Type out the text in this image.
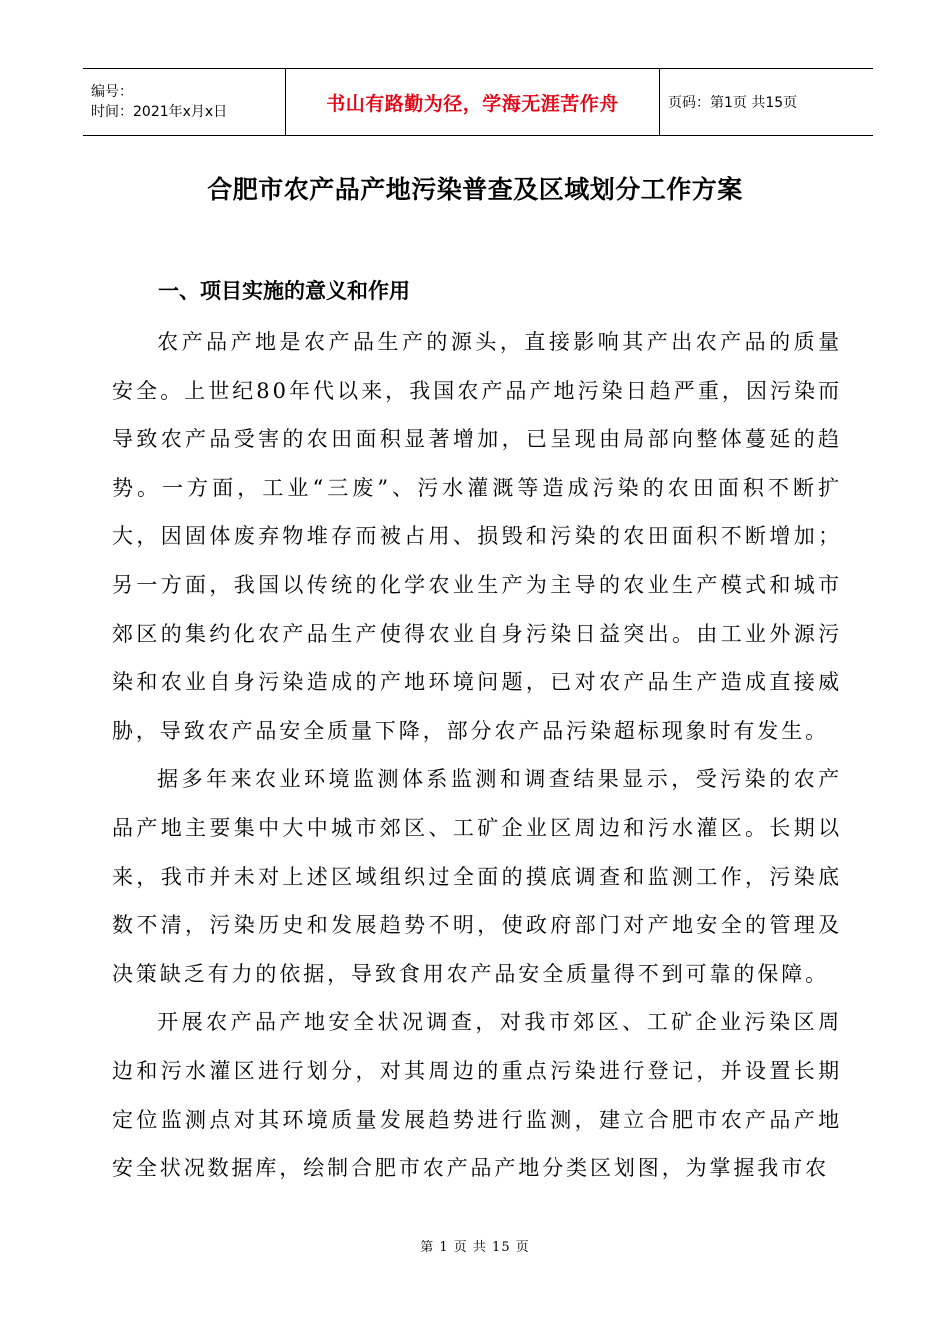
编号：
时间：2021年x月x日	书山有路勤为径，学海无涯苦作舟	页码：第1页 共15页
合肥市农产品产地污染普查及区域划分工作方案
一、项目实施的意义和作用

农产品产地是农产品生产的源头，直接影响其产出农产品的质量安全。上世纪80年代以来，我国农产品产地污染日趋严重，因污染而导致农产品受害的农田面积显著增加，已呈现由局部向整体蔓延的趋势。一方面，工业“三废”、污水灌溉等造成污染的农田面积不断扩大，因固体废弃物堆存而被占用、损毁和污染的农田面积不断增加；另一方面，我国以传统的化学农业生产为主导的农业生产模式和城市郊区的集约化农产品生产使得农业自身污染日益突出。由工业外源污染和农业自身污染造成的产地环境问题，已对农产品生产造成直接威胁，导致农产品安全质量下降，部分农产品污染超标现象时有发生。

据多年来农业环境监测体系监测和调查结果显示，受污染的农产品产地主要集中大中城市郊区、工矿企业区周边和污水灌区。长期以来，我市并未对上述区域组织过全面的摸底调查和监测工作，污染底数不清，污染历史和发展趋势不明，使政府部门对产地安全的管理及决策缺乏有力的依据，导致食用农产品安全质量得不到可靠的保障。

开展农产品产地安全状况调查，对我市郊区、工矿企业污染区周边和污水灌区进行划分，对其周边的重点污染进行登记，并设置长期定位监测点对其环境质量发展趋势进行监测，建立合肥市农产品产地安全状况数据库，绘制合肥市农产品产地分类区划图，为掌握我市农

第 1 页 共 15 页
